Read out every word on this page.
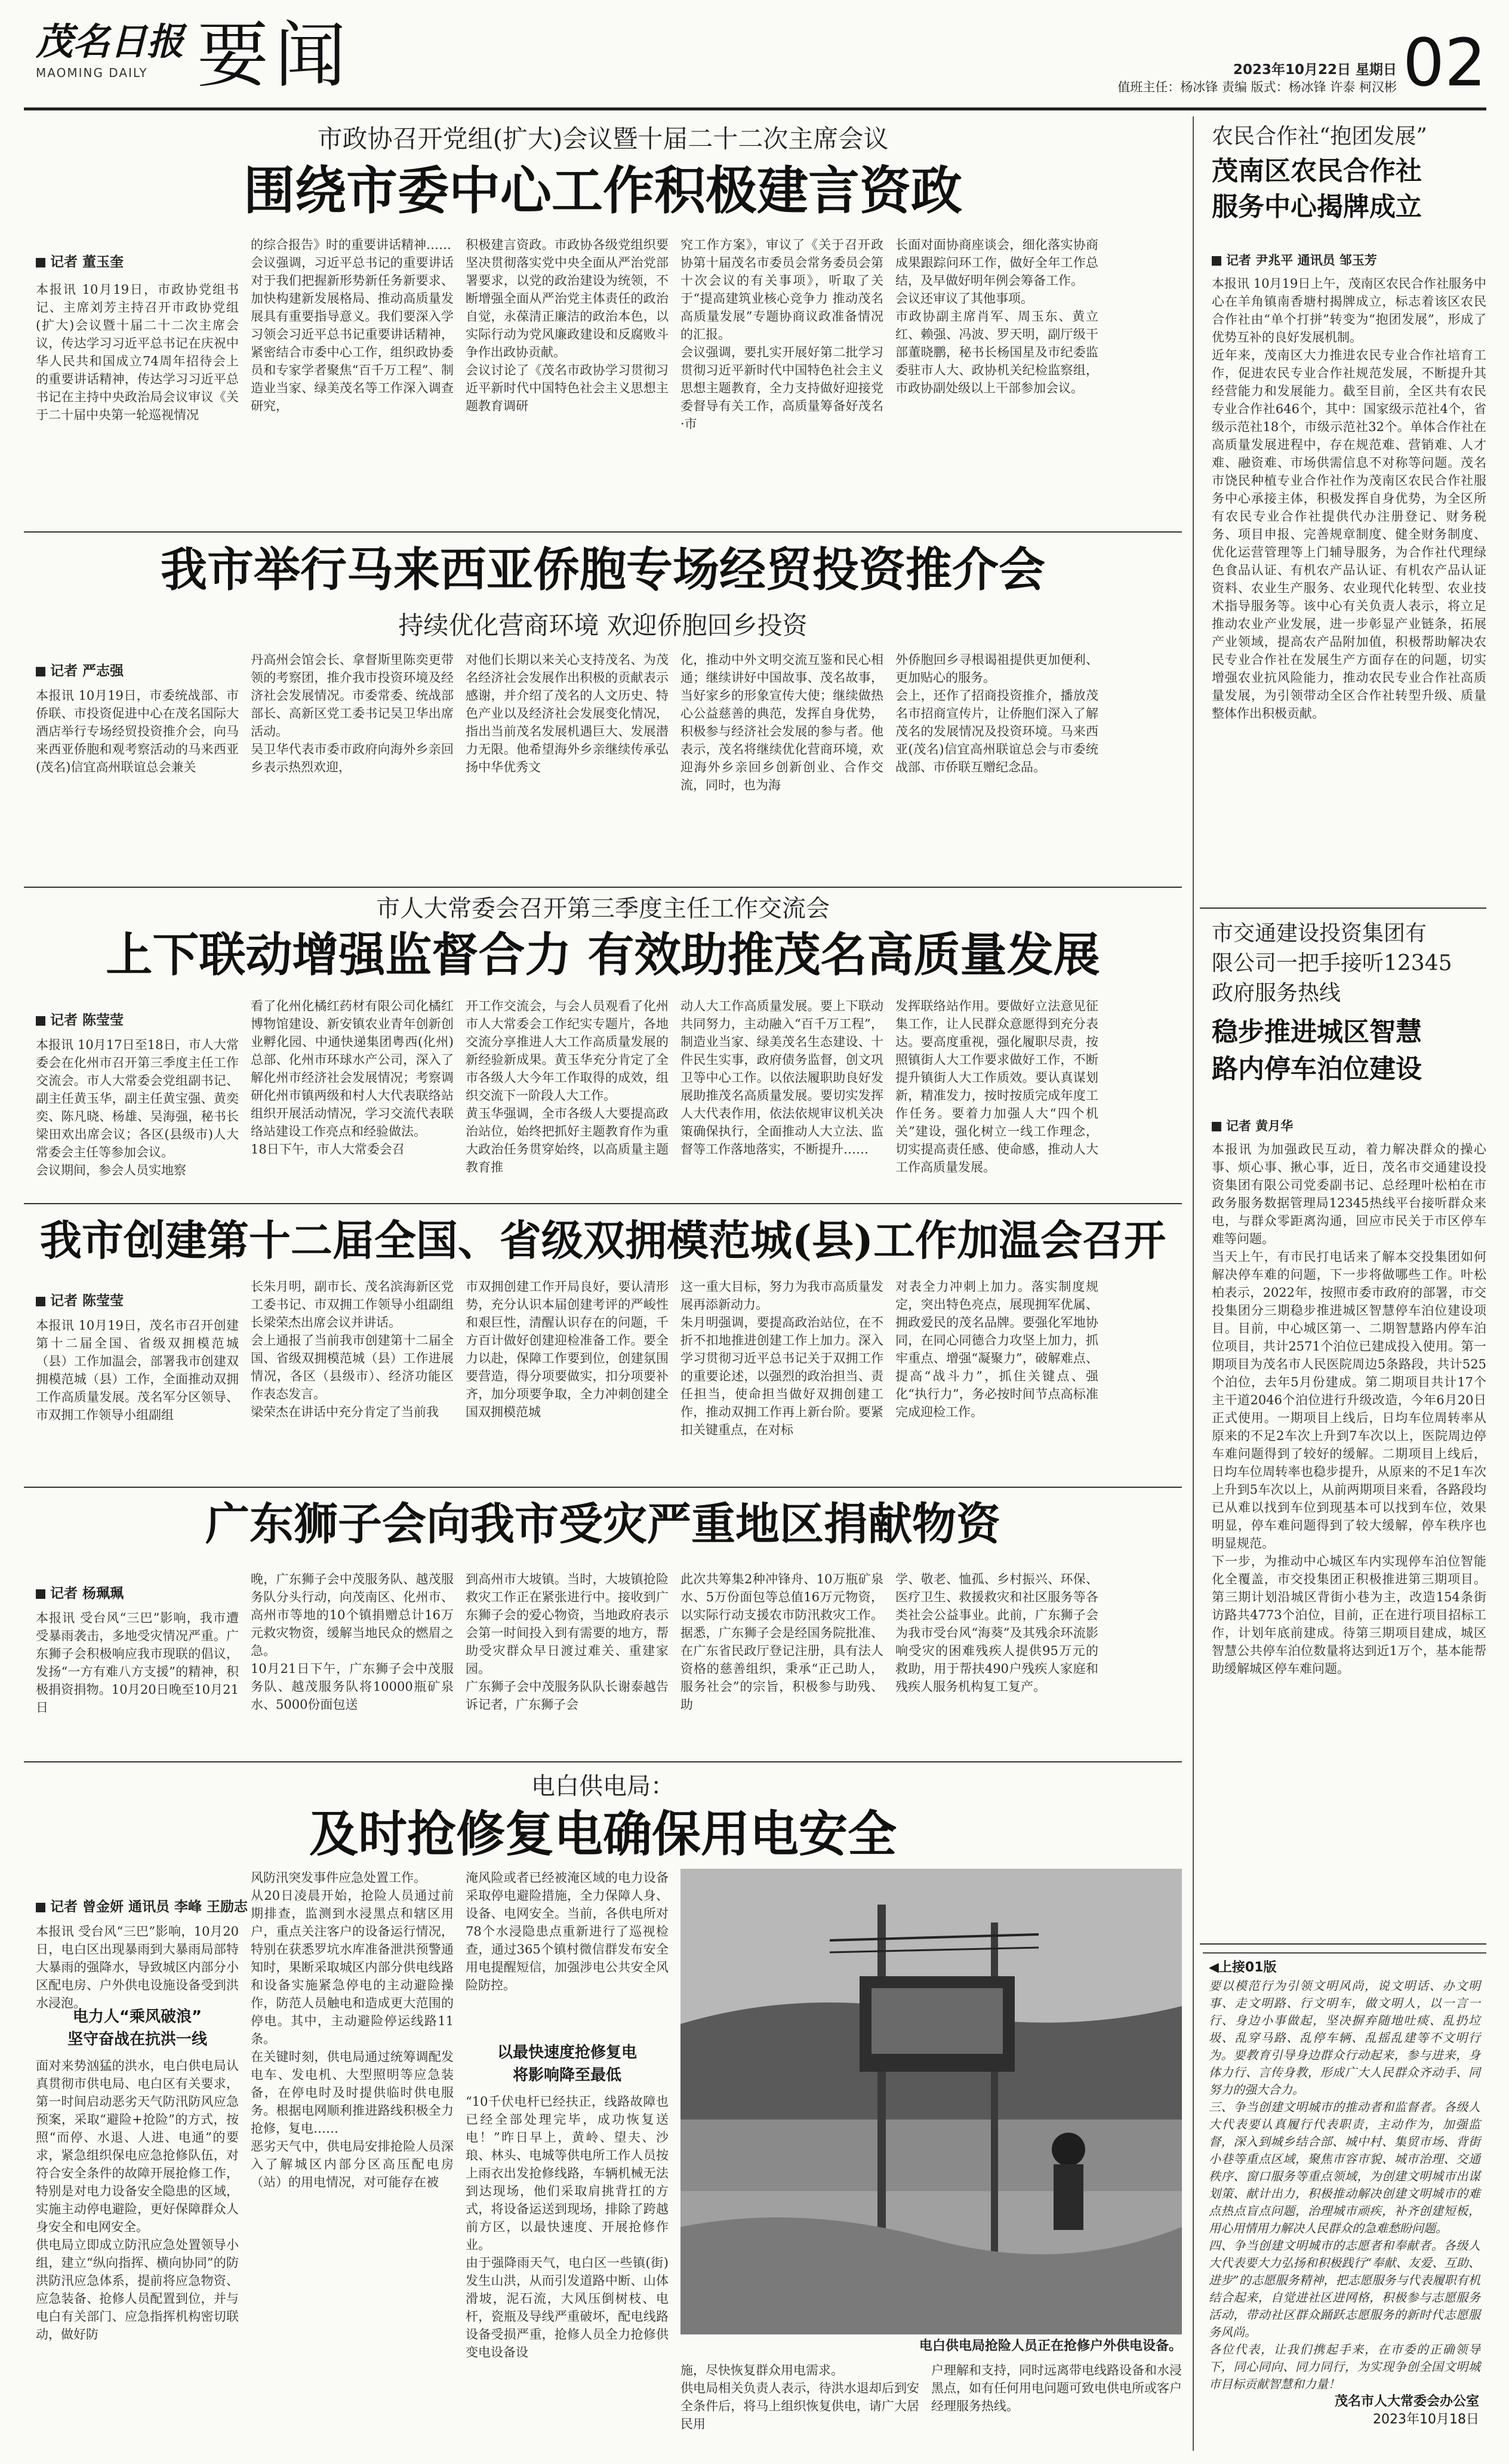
茂名日报
MAOMING DAILY 要闻	2023年10月22日 星期日
值班主任：杨冰锋 责编 版式：杨冰锋 许泰 柯汉彬 02
市政协召开党组(扩大)会议暨十届二十二次主席会议
围绕市委中心工作积极建言资政
记者 董玉奎
本报讯 10月19日，市政协党组书记、主席刘芳主持召开市政协党组(扩大)会议暨十届二十二次主席会议，传达学习习近平总书记在庆祝中华人民共和国成立74周年招待会上的重要讲话精神，传达学习习近平总书记在主持中央政治局会议审议《关于二十届中央第一轮巡视情况
的综合报告》时的重要讲话精神……
会议强调，习近平总书记的重要讲话对于我们把握新形势新任务新要求、加快构建新发展格局、推动高质量发展具有重要指导意义。我们要深入学习领会习近平总书记重要讲话精神，紧密结合市委中心工作，组织政协委员和专家学者聚焦“百千万工程”、制造业当家、绿美茂名等工作深入调查研究，
积极建言资政。市政协各级党组织要坚决贯彻落实党中央全面从严治党部署要求，以党的政治建设为统领，不断增强全面从严治党主体责任的政治自觉，永葆清正廉洁的政治本色，以实际行动为党风廉政建设和反腐败斗争作出政协贡献。
会议讨论了《茂名市政协学习贯彻习近平新时代中国特色社会主义思想主题教育调研
究工作方案》，审议了《关于召开政协第十届茂名市委员会常务委员会第十次会议的有关事项》，听取了关于“提高建筑业核心竞争力 推动茂名高质量发展”专题协商议政准备情况的汇报。
会议强调，要扎实开展好第二批学习贯彻习近平新时代中国特色社会主义思想主题教育，全力支持做好迎接党委督导有关工作，高质量筹备好茂名·市
长面对面协商座谈会，细化落实协商成果跟踪问环工作，做好全年工作总结，及早做好明年例会筹备工作。
会议还审议了其他事项。
市政协副主席肖军、周玉东、黄立红、赖强、冯波、罗天明，副厅级干部董晓鹏，秘书长杨国星及市纪委监委驻市人大、政协机关纪检监察组，市政协副处级以上干部参加会议。
我市举行马来西亚侨胞专场经贸投资推介会
持续优化营商环境 欢迎侨胞回乡投资
记者 严志强
本报讯 10月19日，市委统战部、市侨联、市投资促进中心在茂名国际大酒店举行专场经贸投资推介会，向马来西亚侨胞和观考察活动的马来西亚(茂名)信宜高州联谊总会兼关
丹高州会馆会长、拿督斯里陈奕更带领的考察团，推介我市投资环境及经济社会发展情况。市委常委、统战部部长、高新区党工委书记吴卫华出席活动。
吴卫华代表市委市政府向海外乡亲回乡表示热烈欢迎，
对他们长期以来关心支持茂名、为茂名经济社会发展作出积极的贡献表示感谢，并介绍了茂名的人文历史、特色产业以及经济社会发展变化情况，指出当前茂名发展机遇巨大、发展潜力无限。他希望海外乡亲继续传承弘扬中华优秀文
化，推动中外文明交流互鉴和民心相通；继续讲好中国故事、茂名故事，当好家乡的形象宣传大使；继续做热心公益慈善的典范，发挥自身优势，积极参与经济社会发展的参与者。他表示，茂名将继续优化营商环境，欢迎海外乡亲回乡创新创业、合作交流，同时，也为海
外侨胞回乡寻根谒祖提供更加便利、更加贴心的服务。
会上，还作了招商投资推介，播放茂名市招商宣传片，让侨胞们深入了解茂名的发展情况及投资环境。马来西亚(茂名)信宜高州联谊总会与市委统战部、市侨联互赠纪念品。
市人大常委会召开第三季度主任工作交流会
上下联动增强监督合力 有效助推茂名高质量发展
记者 陈莹莹
本报讯 10月17日至18日，市人大常委会在化州市召开第三季度主任工作交流会。市人大常委会党组副书记、副主任黄玉华，副主任黄宝强、黄奕奕、陈凡晓、杨雄、吴海强，秘书长梁田欢出席会议；各区(县级市)人大常委会主任等参加会议。
会议期间，参会人员实地察
看了化州化橘红药材有限公司化橘红博物馆建设、新安镇农业青年创新创业孵化园、中通快递集团粤西(化州)总部、化州市环球水产公司，深入了解化州市经济社会发展情况；考察调研化州市镇两级和村人大代表联络站组织开展活动情况，学习交流代表联络站建设工作亮点和经验做法。
18日下午，市人大常委会召
开工作交流会，与会人员观看了化州市人大常委会工作纪实专题片，各地交流分享推进人大工作高质量发展的新经验新成果。黄玉华充分肯定了全市各级人大今年工作取得的成效，组织交流下一阶段人大工作。
黄玉华强调，全市各级人大要提高政治站位，始终把抓好主题教育作为重大政治任务贯穿始终，以高质量主题教育推
动人大工作高质量发展。要上下联动共同努力，主动融入“百千万工程”，制造业当家、绿美茂名生态建设、十件民生实事，政府债务监督，创文巩卫等中心工作。以依法履职助良好发展助推茂名高质量发展。要切实发挥人大代表作用，依法依规审议机关决策确保执行，全面推动人大立法、监督等工作落地落实，不断提升……
发挥联络站作用。要做好立法意见征集工作，让人民群众意愿得到充分表达。要高度重视，强化履职尽责，按照镇街人大工作要求做好工作，不断提升镇街人大工作质效。要认真谋划新，精准发力，按时按质完成年度工作任务。要着力加强人大“四个机关”建设，强化树立一线工作理念，切实提高责任感、使命感，推动人大工作高质量发展。
我市创建第十二届全国、省级双拥模范城(县)工作加温会召开
记者 陈莹莹
本报讯 10月19日，茂名市召开创建第十二届全国、省级双拥模范城（县）工作加温会，部署我市创建双拥模范城（县）工作，全面推动双拥工作高质量发展。茂名军分区领导、市双拥工作领导小组副组
长朱月明，副市长、茂名滨海新区党工委书记、市双拥工作领导小组副组长梁荣杰出席会议并讲话。
会上通报了当前我市创建第十二届全国、省级双拥模范城（县）工作进展情况，各区（县级市）、经济功能区作表态发言。
梁荣杰在讲话中充分肯定了当前我
市双拥创建工作开局良好，要认清形势，充分认识本届创建考评的严峻性和艰巨性，清醒认识存在的问题，千方百计做好创建迎检准备工作。要全力以赴，保障工作要到位，创建氛围要营造，得分项要做实，扣分项要补齐，加分项要争取，全力冲刺创建全国双拥模范城
这一重大目标，努力为我市高质量发展再添新动力。
朱月明强调，要提高政治站位，在不折不扣地推进创建工作上加力。深入学习贯彻习近平总书记关于双拥工作的重要论述，以强烈的政治担当、责任担当，使命担当做好双拥创建工作，推动双拥工作再上新台阶。要紧扣关键重点，在对标
对表全力冲刺上加力。落实制度规定，突出特色亮点，展现拥军优属、拥政爱民的茂名品牌。要强化军地协同，在同心同德合力攻坚上加力，抓牢重点、增强“凝聚力”，破解难点、提高“战斗力”，抓住关键点、强化“执行力”，务必按时间节点高标准完成迎检工作。
广东狮子会向我市受灾严重地区捐献物资
记者 杨珮珮
本报讯 受台风“三巴”影响，我市遭受暴雨袭击，多地受灾情况严重。广东狮子会积极响应我市现联的倡议，发扬“一方有难八方支援”的精神，积极捐资捐物。10月20日晚至10月21日
晚，广东狮子会中茂服务队、越茂服务队分头行动，向茂南区、化州市、高州市等地的10个镇捐赠总计16万元救灾物资，缓解当地民众的燃眉之急。
10月21日下午，广东狮子会中茂服务队、越茂服务队将10000瓶矿泉水、5000份面包送
到高州市大坡镇。当时，大坡镇抢险救灾工作正在紧张进行中。接收到广东狮子会的爱心物资，当地政府表示会第一时间投入到有需要的地方，帮助受灾群众早日渡过难关、重建家园。
广东狮子会中茂服务队队长谢泰越告诉记者，广东狮子会
此次共筹集2种冲锋舟、10万瓶矿泉水、5万份面包等总值16万元物资，以实际行动支援农市防汛救灾工作。据悉，广东狮子会是经国务院批准、在广东省民政厅登记注册，具有法人资格的慈善组织，秉承“正己助人，服务社会”的宗旨，积极参与助残、助
学、敬老、恤孤、乡村振兴、环保、医疗卫生、救援救灾和社区服务等各类社会公益事业。此前，广东狮子会为我市受台风“海葵”及其残余环流影响受灾的困难残疾人提供95万元的救助，用于帮扶490户残疾人家庭和残疾人服务机构复工复产。
电白供电局：
及时抢修复电确保用电安全
记者 曾金妍 通讯员 李峰 王励志
本报讯 受台风“三巴”影响，10月20日，电白区出现暴雨到大暴雨局部特大暴雨的强降水，导致城区内部分小区配电房、户外供电设施设备受到洪水浸泡。
电力人“乘风破浪”
坚守奋战在抗洪一线
面对来势汹猛的洪水，电白供电局认真贯彻市供电局、电白区有关要求，第一时间启动恶劣天气防汛防风应急预案，采取“避险+抢险”的方式，按照“而停、水退、人进、电通”的要求，紧急组织保电应急抢修队伍，对符合安全条件的故障开展抢修工作，特别是对电力设备安全隐患的区域，实施主动停电避险，更好保障群众人身安全和电网安全。
供电局立即成立防汛应急处置领导小组，建立“纵向指挥、横向协同”的防洪防汛应急体系，提前将应急物资、应急装备、抢修人员配置到位，并与电白有关部门、应急指挥机构密切联动，做好防
风防汛突发事件应急处置工作。
从20日凌晨开始，抢险人员通过前期排查，监测到水浸黑点和辖区用户，重点关注客户的设备运行情况，特别在获悉罗坑水库准备泄洪预警通知时，果断采取城区内部分供电线路和设备实施紧急停电的主动避险操作，防范人员触电和造成更大范围的停电。其中，主动避险停运线路11条。
在关键时刻，供电局通过统筹调配发电车、发电机、大型照明等应急装备，在停电时及时提供临时供电服务。根据电网顺利推进路线积极全力抢修，复电……
恶劣天气中，供电局安排抢险人员深入了解城区内部分区高压配电房（站）的用电情况，对可能存在被
淹风险或者已经被淹区域的电力设备采取停电避险措施，全力保障人身、设备、电网安全。当前，各供电所对78个水浸隐患点重新进行了巡视检查，通过365个镇村微信群发布安全用电提醒短信，加强涉电公共安全风险防控。
以最快速度抢修复电
将影响降至最低
“10千伏电杆已经扶正，线路故障也已经全部处理完毕，成功恢复送电！”昨日早上，黄岭、望夫、沙琅、林头、电城等供电所工作人员按上雨衣出发抢修线路，车辆机械无法到达现场，他们采取肩挑背扛的方式，将设备运送到现场，排除了跨越前方区，以最快速度、开展抢修作业。
由于强降雨天气，电白区一些镇(街)发生山洪，从而引发道路中断、山体滑坡，泥石流，大风压倒树枝、电杆，瓷瓶及导线严重破坏，配电线路设备受损严重，抢修人员全力抢修供变电设备设	电白供电局抢险人员正在抢修户外供电设备。
施，尽快恢复群众用电需求。
供电局相关负责人表示，待洪水退却后到安全条件后，将马上组织恢复供电，请广大居民用
户理解和支持，同时远离带电线路设备和水浸黑点，如有任何用电问题可致电供电所或客户经理服务热线。
农民合作社“抱团发展”
茂南区农民合作社
服务中心揭牌成立
记者 尹兆平 通讯员 邹玉芳
本报讯 10月19日上午，茂南区农民合作社服务中心在羊角镇南香塘村揭牌成立，标志着该区农民合作社由“单个打拼”转变为“抱团发展”，形成了优势互补的良好发展机制。
近年来，茂南区大力推进农民专业合作社培育工作，促进农民专业合作社规范发展，不断提升其经营能力和发展能力。截至目前，全区共有农民专业合作社646个，其中：国家级示范社4个，省级示范社18个，市级示范社32个。单体合作社在高质量发展进程中，存在规范难、营销难、人才难、融资难、市场供需信息不对称等问题。茂名市饶民种植专业合作社作为茂南区农民合作社服务中心承接主体，积极发挥自身优势，为全区所有农民专业合作社提供代办注册登记、财务税务、项目申报、完善规章制度、健全财务制度、优化运营管理等上门辅导服务，为合作社代理绿色食品认证、有机农产品认证、有机农产品认证资料、农业生产服务、农业现代化转型、农业技术指导服务等。该中心有关负责人表示，将立足推动农业产业发展，进一步彰显产业链条，拓展产业领域，提高农产品附加值，积极帮助解决农民专业合作社在发展生产方面存在的问题，切实增强农业抗风险能力，推动农民专业合作社高质量发展，为引领带动全区合作社转型升级、质量整体作出积极贡献。
市交通建设投资集团有
限公司一把手接听12345
政府服务热线
稳步推进城区智慧
路内停车泊位建设
记者 黄月华
本报讯 为加强政民互动，着力解决群众的操心事、烦心事、揪心事，近日，茂名市交通建设投资集团有限公司党委副书记、总经理叶松柏在市政务服务数据管理局12345热线平台接听群众来电，与群众零距离沟通，回应市民关于市区停车难等问题。
当天上午，有市民打电话来了解本交投集团如何解决停车难的问题，下一步将做哪些工作。叶松柏表示，2022年，按照市委市政府的部署，市交投集团分三期稳步推进城区智慧停车泊位建设项目。目前，中心城区第一、二期智慧路内停车泊位项目，共计2571个泊位已建成投入使用。第一期项目为茂名市人民医院周边5条路段，共计525个泊位，去年5月份建成。第二期项目共计17个主干道2046个泊位进行升级改造，今年6月20日正式使用。一期项目上线后，日均车位周转率从原来的不足2车次上升到7车次以上，医院周边停车难问题得到了较好的缓解。二期项目上线后，日均车位周转率也稳步提升，从原来的不足1车次上升到5车次以上，从前两期项目来看，各路段均已从难以找到车位到现基本可以找到车位，效果明显，停车难问题得到了较大缓解，停车秩序也明显规范。
下一步，为推动中心城区车内实现停车泊位智能化全覆盖，市交投集团正积极推进第三期项目。第三期计划沿城区背街小巷为主，改造154条街访路共4773个泊位，目前，正在进行项目招标工作，计划年底前建成。待第三期项目建成，城区智慧公共停车泊位数量将达到近1万个，基本能帮助缓解城区停车难问题。
◀上接01版
要以模范行为引领文明风尚，说文明话、办文明事、走文明路、行文明车，做文明人，以一言一行、身边小事做起，坚决摒弃随地吐痰、乱扔垃圾、乱穿马路、乱停车辆、乱摇乱建等不文明行为。要教育引导身边群众行动起来，参与进来，身体力行、言传身教，形成广大人民群众齐动手、同努力的强大合力。
三、争当创建文明城市的推动者和监督者。各级人大代表要认真履行代表职责，主动作为，加强监督，深入到城乡结合部、城中村、集贸市场、背街小巷等重点区域，聚焦市容市貌、城市治理、交通秩序、窗口服务等重点领域，为创建文明城市出谋划策、献计出力，积极推动解决创建文明城市的难点热点盲点问题，治理城市顽疾，补齐创建短板，用心用情用力解决人民群众的急难愁盼问题。
四、争当创建文明城市的志愿者和奉献者。各级人大代表要大力弘扬和积极践行“奉献、友爱、互助、进步”的志愿服务精神，把志愿服务与代表履职有机结合起来，自觉进社区进网格，积极参与志愿服务活动，带动社区群众踊跃志愿服务的新时代志愿服务风尚。
各位代表，让我们携起手来，在市委的正确领导下，同心同向、同力同行，为实现争创全国文明城市目标贡献智慧和力量！
茂名市人大常委会办公室
2023年10月18日
